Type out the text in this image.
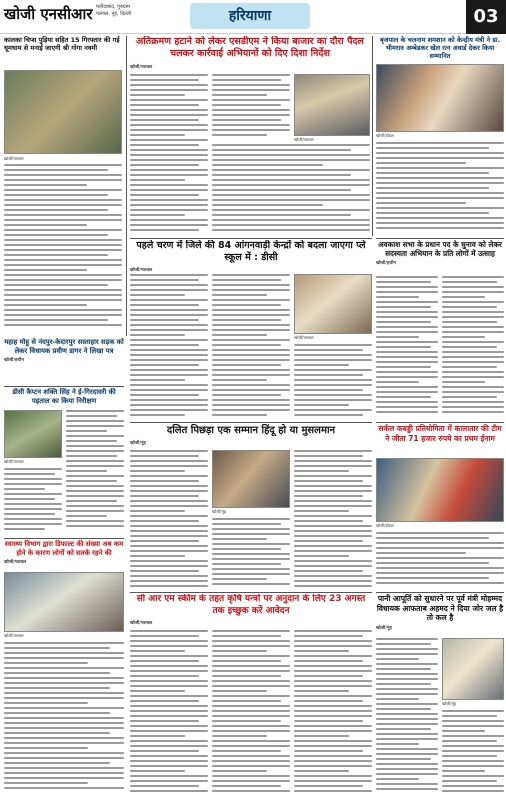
खोजी एनसीआर फरीदाबाद, गुरुग्राम
पलवल, नूंह, दिल्ली	हरियाणा	03
कालका चिप्स पुड़िया सहित 15 गिरफ्तार की गई धूमधाम से मनाई जाएगी श्री गोगा नवमी
खोजी/पलवल
अतिक्रमण हटाने को लेकर एसडीएम ने किया बाजार का दौरा पैदल चलकर कार्रवाई अभियानों को दिए दिशा निर्देश
खोजी/पलवल
खोजी/पलवल
बृजपाल के चलनाम शमशान को केन्द्रीय मंत्री ने डा. भीमराव अम्बेडकर खेल रत्न अवार्ड देकर किया सम्मानित
खोजी/होडल
महाह मोहु से नंदपुर-केदारपुर सस्ताहार सड़क को लेकर विधायक प्रवीण डागर ने लिखा पत्र
खोजी/हथीन
पहले चरण में जिले की 84 आंगनवाड़ी केन्द्रों को बदला जाएगा प्ले स्कूल में : डीसी
खोजी/पलवल
खोजी/पलवल
अवकाश सभा के प्रधान पद के चुनाव को लेकर सदस्यता अभियान के प्रति लोगों में उत्साह
खोजी/हथीन
डीसी कैप्टन शक्ति सिंह ने ई-गिरदावरी की पड़ताल का किया निरीक्षण
खोजी/पलवल
दलित पिछड़ा एक सम्मान हिंदू हो या मुसलमान
खोजी/नूंह
खोजी/नूंह
सर्कल कबड्डी प्रतियोगिता में कालातार की टीम ने जीता 71 हजार रुपये का प्रथम ईनाम
खोजी/होडल
स्वास्थ्य विभाग द्वारा डिफाल्ट की संख्या अब कम होने के कारण लोगों को सतर्क रहने की
खोजी/पलवल
खोजी/पलवल
सी आर एम स्कीम के तहत कृषि यन्त्रों पर अनुदान के लिए 23 अगस्त तक इच्छुक करें आवेदन
खोजी/पलवल
पानी आपूर्ति को सुधारने पर पूर्व मंत्री मोहम्मद विधायक आफताब अहमद ने दिया जोर जल है तो कल है
खोजी/नूंह
खोजी/नूंह
